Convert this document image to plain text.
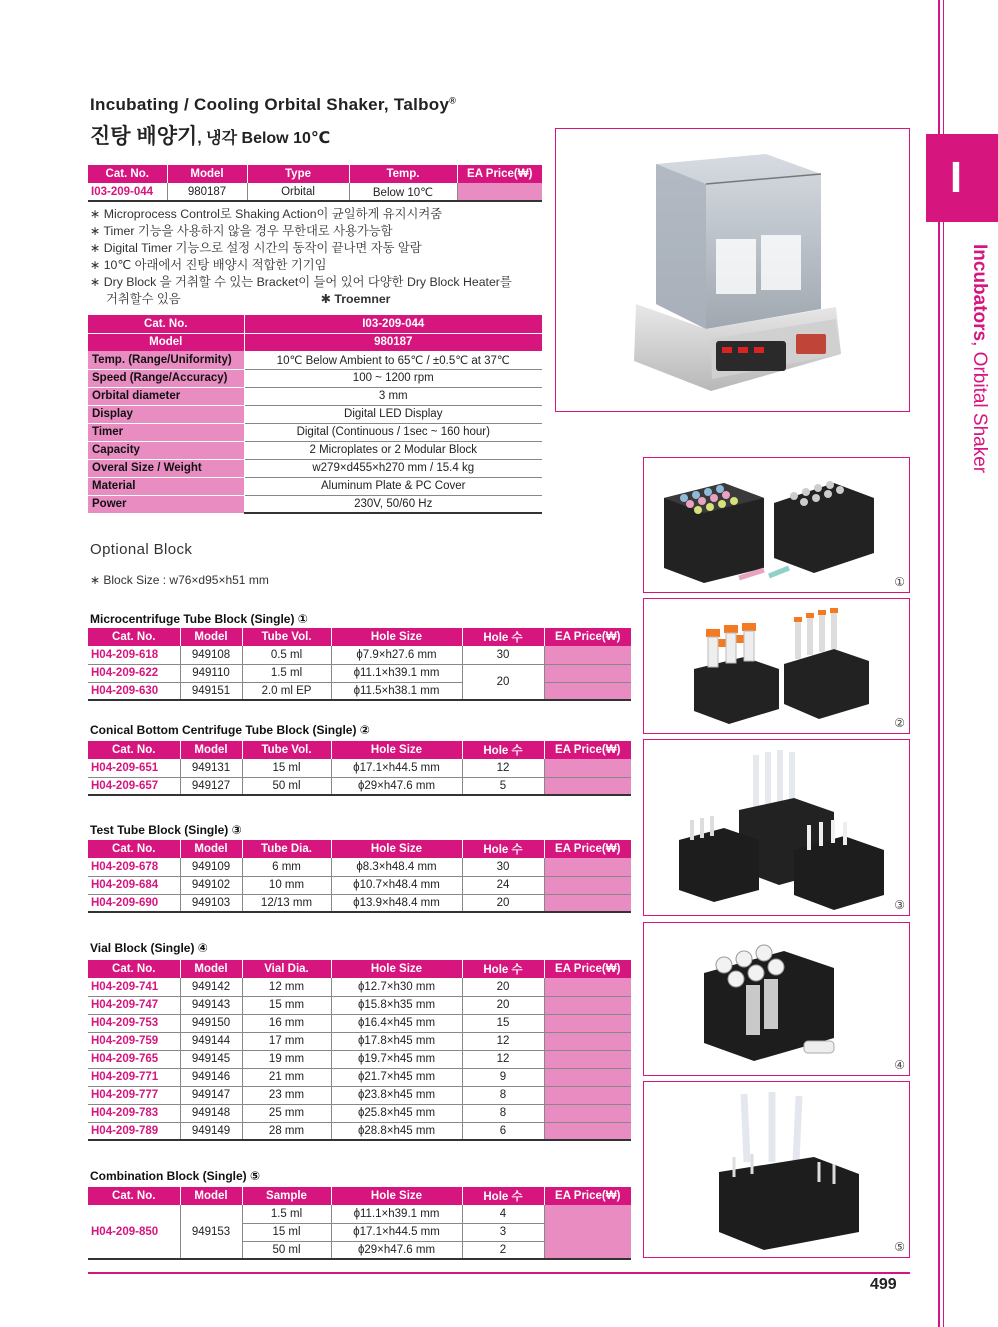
I
Incubators, Orbital Shaker
Incubating / Cooling Orbital Shaker, Talboy®
진탕 배양기, 냉각 Below 10℃
Cat. No.	Model	Type	Temp.	EA Price(₩)
I03-209-044	980187	Orbital	Below 10℃	
∗ Microprocess Control로 Shaking Action이 균일하게 유지시켜줌
∗ Timer 기능을 사용하지 않을 경우 무한대로 사용가능함
∗ Digital Timer 기능으로 설정 시간의 동작이 끝나면 자동 알람
∗ 10℃ 아래에서 진탕 배양시 적합한 기기임
∗ Dry Block 을 거취할 수 있는 Bracket이 들어 있어 다양한 Dry Block Heater를
거취할수 있음	✱ Troemner
Cat. No.	I03-209-044
Model	980187
Temp. (Range/Uniformity)	10℃ Below Ambient to 65℃ / ±0.5℃ at 37℃
Speed (Range/Accuracy)	100 ~ 1200 rpm
Orbital diameter	3 mm
Display	Digital LED Display
Timer	Digital (Continuous / 1sec ~ 160 hour)
Capacity	2 Microplates or 2 Modular Block
Overal Size / Weight	w279×d455×h270 mm / 15.4 kg
Material	Aluminum Plate & PC Cover
Power	230V, 50/60 Hz
Optional Block
∗ Block Size : w76×d95×h51 mm
Microcentrifuge Tube Block (Single) ①
Cat. No.	Model	Tube Vol.	Hole Size	Hole 수	EA Price(₩)
H04-209-618	949108	0.5 ml	ϕ7.9×h27.6 mm	30	
H04-209-622	949110	1.5 ml	ϕ11.1×h39.1 mm	20	
H04-209-630	949151	2.0 ml EP	ϕ11.5×h38.1 mm		
Conical Bottom Centrifuge Tube Block (Single) ②
Cat. No.	Model	Tube Vol.	Hole Size	Hole 수	EA Price(₩)
H04-209-651	949131	15 ml	ϕ17.1×h44.5 mm	12	
H04-209-657	949127	50 ml	ϕ29×h47.6 mm	5	
Test Tube Block (Single) ③
Cat. No.	Model	Tube Dia.	Hole Size	Hole 수	EA Price(₩)
H04-209-678	949109	6 mm	ϕ8.3×h48.4 mm	30	
H04-209-684	949102	10 mm	ϕ10.7×h48.4 mm	24	
H04-209-690	949103	12/13 mm	ϕ13.9×h48.4 mm	20	
Vial Block (Single) ④
Cat. No.	Model	Vial Dia.	Hole Size	Hole 수	EA Price(₩)
H04-209-741	949142	12 mm	ϕ12.7×h30 mm	20	
H04-209-747	949143	15 mm	ϕ15.8×h35 mm	20	
H04-209-753	949150	16 mm	ϕ16.4×h45 mm	15	
H04-209-759	949144	17 mm	ϕ17.8×h45 mm	12	
H04-209-765	949145	19 mm	ϕ19.7×h45 mm	12	
H04-209-771	949146	21 mm	ϕ21.7×h45 mm	9	
H04-209-777	949147	23 mm	ϕ23.8×h45 mm	8	
H04-209-783	949148	25 mm	ϕ25.8×h45 mm	8	
H04-209-789	949149	28 mm	ϕ28.8×h45 mm	6	
Combination Block (Single) ⑤
Cat. No.	Model	Sample	Hole Size	Hole 수	EA Price(₩)
H04-209-850	949153	1.5 ml	ϕ11.1×h39.1 mm	4	
		15 ml	ϕ17.1×h44.5 mm	3	
		50 ml	ϕ29×h47.6 mm	2	
①
②
③
④
⑤
499
